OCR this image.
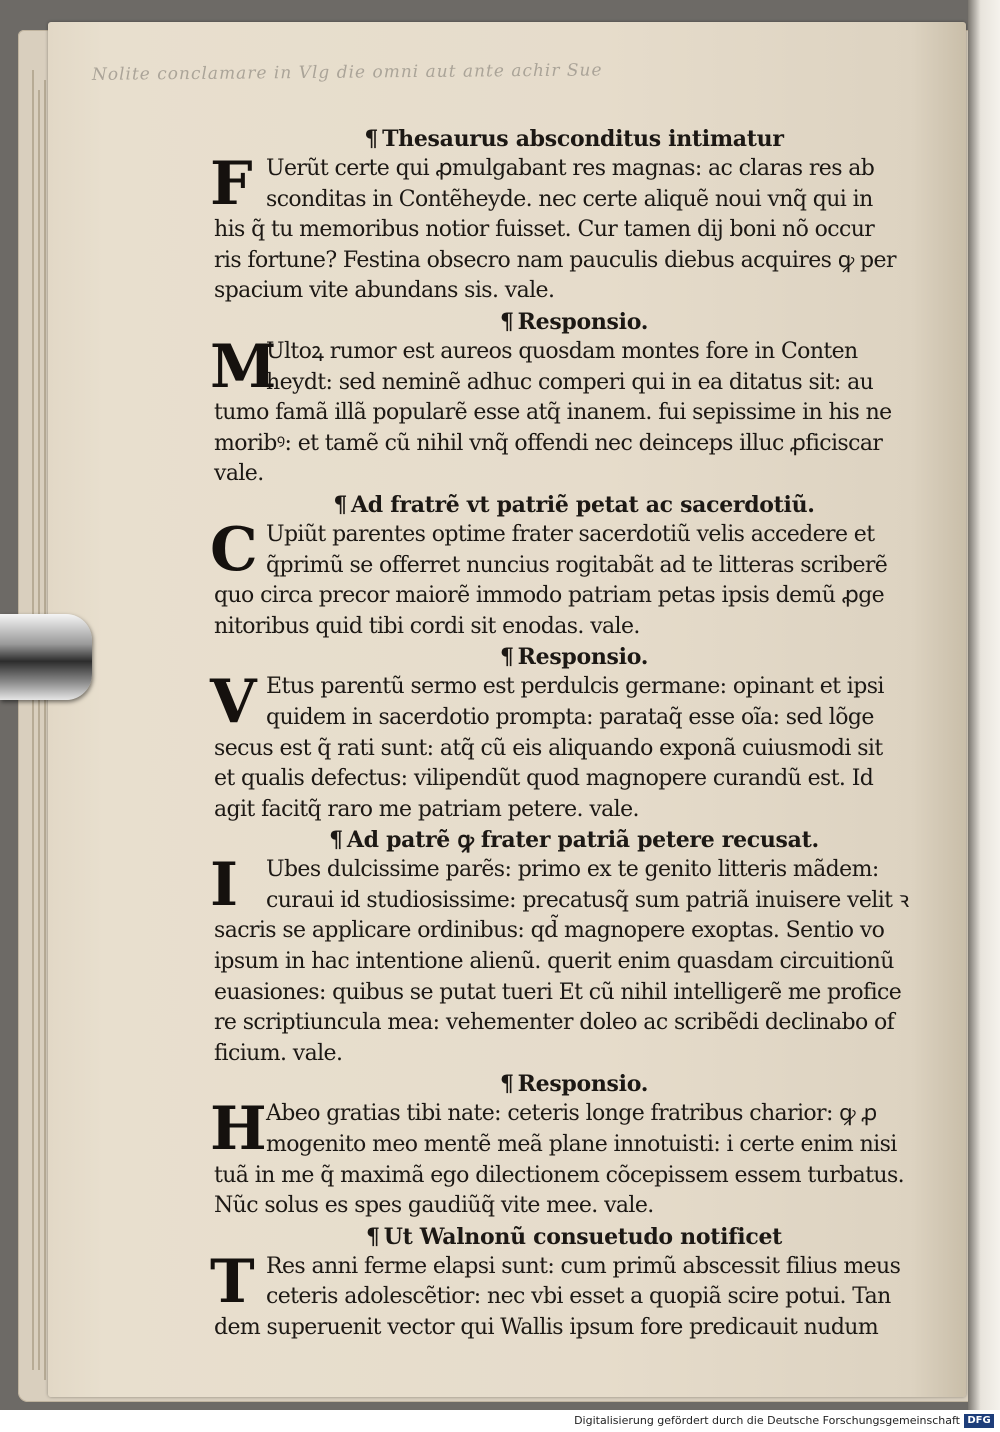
Nolite conclamare in Vlg die omni aut ante achir Sue
¶ Thesaurus absconditus intimatur
F Uerũt certe qui ꝓmulgabant res magnas: ac claras res ab

sconditas in Contẽheyde. nec certe aliquẽ noui vnq̃ qui in

his q̃ tu memoribus notior fuisset. Cur tamen dij boni nõ occur

ris fortune? Festina obsecro nam pauculis diebus acquires ꝙ per

spacium vite abundans sis. vale.

¶ Responsio.
M

Ultoꝝ rumor est aureos quosdam montes fore in Conten

heydt: sed neminẽ adhuc comperi qui in ea ditatus sit: au

tumo famã illã popularẽ esse atq̃ inanem. fui sepissime in his ne

moribꝰ: et tamẽ cũ nihil vnq̃ offendi nec deinceps illuc ꝓficiscar

vale.

¶ Ad fratrẽ vt patriẽ petat ac sacerdotiũ.
C Upiũt parentes optime frater sacerdotiũ velis accedere et

q̃primũ se offerret nuncius rogitabãt ad te litteras scriberẽ

quo circa precor maiorẽ immodo patriam petas ipsis demũ ꝓge

nitoribus quid tibi cordi sit enodas. vale.

¶ Responsio.
V Etus parentũ sermo est perdulcis germane: opinant et ipsi

quidem in sacerdotio prompta: parataq̃ esse oĩa: sed lõge

secus est q̃ rati sunt: atq̃ cũ eis aliquando exponã cuiusmodi sit

et qualis defectus: vilipendũt quod magnopere curandũ est. Id

agit facitq̃ raro me patriam petere. vale.

¶ Ad patrẽ ꝙ frater patriã petere recusat.
I	Ubes dulcissime parẽs: primo ex te genito litteris mãdem:

curaui id studiosissime: precatusq̃ sum patriã inuisere velit ꝛ

sacris se applicare ordinibus: qd̃ magnopere exoptas. Sentio vo

ipsum in hac intentione alienũ. querit enim quasdam circuitionũ

euasiones: quibus se putat tueri Et cũ nihil intelligerẽ me profice

re scriptiuncula mea: vehementer doleo ac scribẽdi declinabo of

ficium. vale.

¶ Responsio.
H Abeo gratias tibi nate: ceteris longe fratribus charior: ꝙ ꝓ

mogenito meo mentẽ meã plane innotuisti: i certe enim nisi

tuã in me q̃ maximã ego dilectionem cõcepissem essem turbatus.

Nũc solus es spes gaudiũq̃ vite mee. vale.

¶ Ut Walnonũ consuetudo notificet
T Res anni ferme elapsi sunt: cum primũ abscessit filius meus

ceteris adolescẽtior: nec vbi esset a quopiã scire potui. Tan

dem superuenit vector qui Wallis ipsum fore predicauit nudum

Digitalisierung gefördert durch die Deutsche Forschungsgemeinschaft DFG
